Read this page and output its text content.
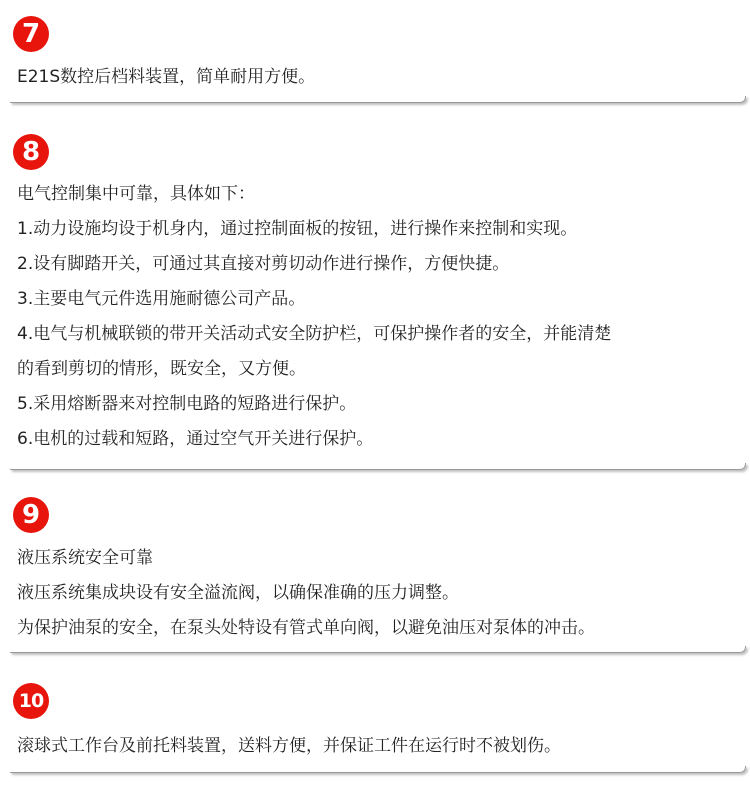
7
E21S数控后档料装置，简单耐用方便。
8
电气控制集中可靠，具体如下：
1.动力设施均设于机身内，通过控制面板的按钮，进行操作来控制和实现。
2.设有脚踏开关，可通过其直接对剪切动作进行操作，方便快捷。
3.主要电气元件选用施耐德公司产品。
4.电气与机械联锁的带开关活动式安全防护栏，可保护操作者的安全，并能清楚
的看到剪切的情形，既安全，又方便。
5.采用熔断器来对控制电路的短路进行保护。
6.电机的过载和短路，通过空气开关进行保护。
9
液压系统安全可靠
液压系统集成块设有安全溢流阀，以确保准确的压力调整。
为保护油泵的安全，在泵头处特设有管式单向阀，以避免油压对泵体的冲击。
10
滚球式工作台及前托料装置，送料方便，并保证工件在运行时不被划伤。
